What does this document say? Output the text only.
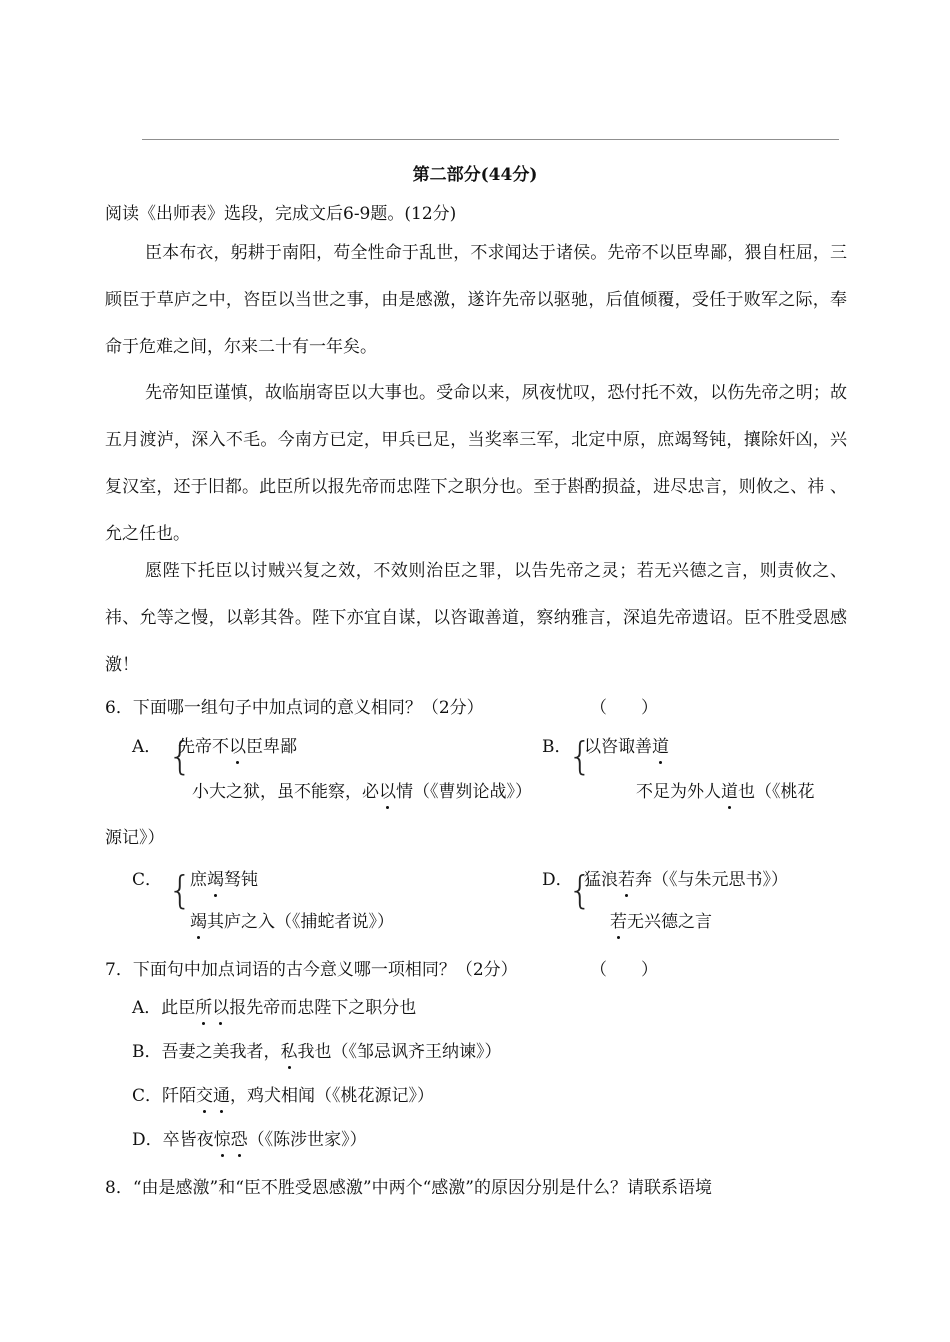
第二部分(44分)
阅读《出师表》选段，完成文后6-9题。(12分)
臣本布衣，躬耕于南阳，苟全性命于乱世，不求闻达于诸侯。先帝不以臣卑鄙，猥自枉屈，三顾臣于草庐之中，咨臣以当世之事，由是感激，遂许先帝以驱驰，后值倾覆，受任于败军之际，奉命于危难之间，尔来二十有一年矣。
先帝知臣谨慎，故临崩寄臣以大事也。受命以来，夙夜忧叹，恐付托不效，以伤先帝之明；故五月渡泸，深入不毛。今南方已定，甲兵已足，当奖率三军，北定中原，庶竭驽钝，攘除奸凶，兴复汉室，还于旧都。此臣所以报先帝而忠陛下之职分也。至于斟酌损益，进尽忠言，则攸之、祎 、允之任也。
愿陛下托臣以讨贼兴复之效，不效则治臣之罪，以告先帝之灵；若无兴德之言，则责攸之、祎、允等之慢，以彰其咎。陛下亦宜自谋，以咨诹善道，察纳雅言，深追先帝遗诏。臣不胜受恩感激！
6．下面哪一组句子中加点词的意义相同？（2分）	（　　）
A． {
先帝不以臣卑鄙
小大之狱，虽不能察，必以情（《曹刿论战》）
B．
{
以咨诹善道
不足为外人道也（《桃花
源记》）
C． {
庶竭驽钝
竭其庐之入（《捕蛇者说》）
D．
{
猛浪若奔（《与朱元思书》）
若无兴德之言
7．下面句中加点词语的古今意义哪一项相同？（2分）	（　　）
A．此臣所以报先帝而忠陛下之职分也
B．吾妻之美我者，私我也（《邹忌讽齐王纳谏》）
C．阡陌交通，鸡犬相闻（《桃花源记》）
D．卒皆夜惊恐（《陈涉世家》）
8．“由是感激”和“臣不胜受恩感激”中两个“感激”的原因分别是什么？请联系语境
